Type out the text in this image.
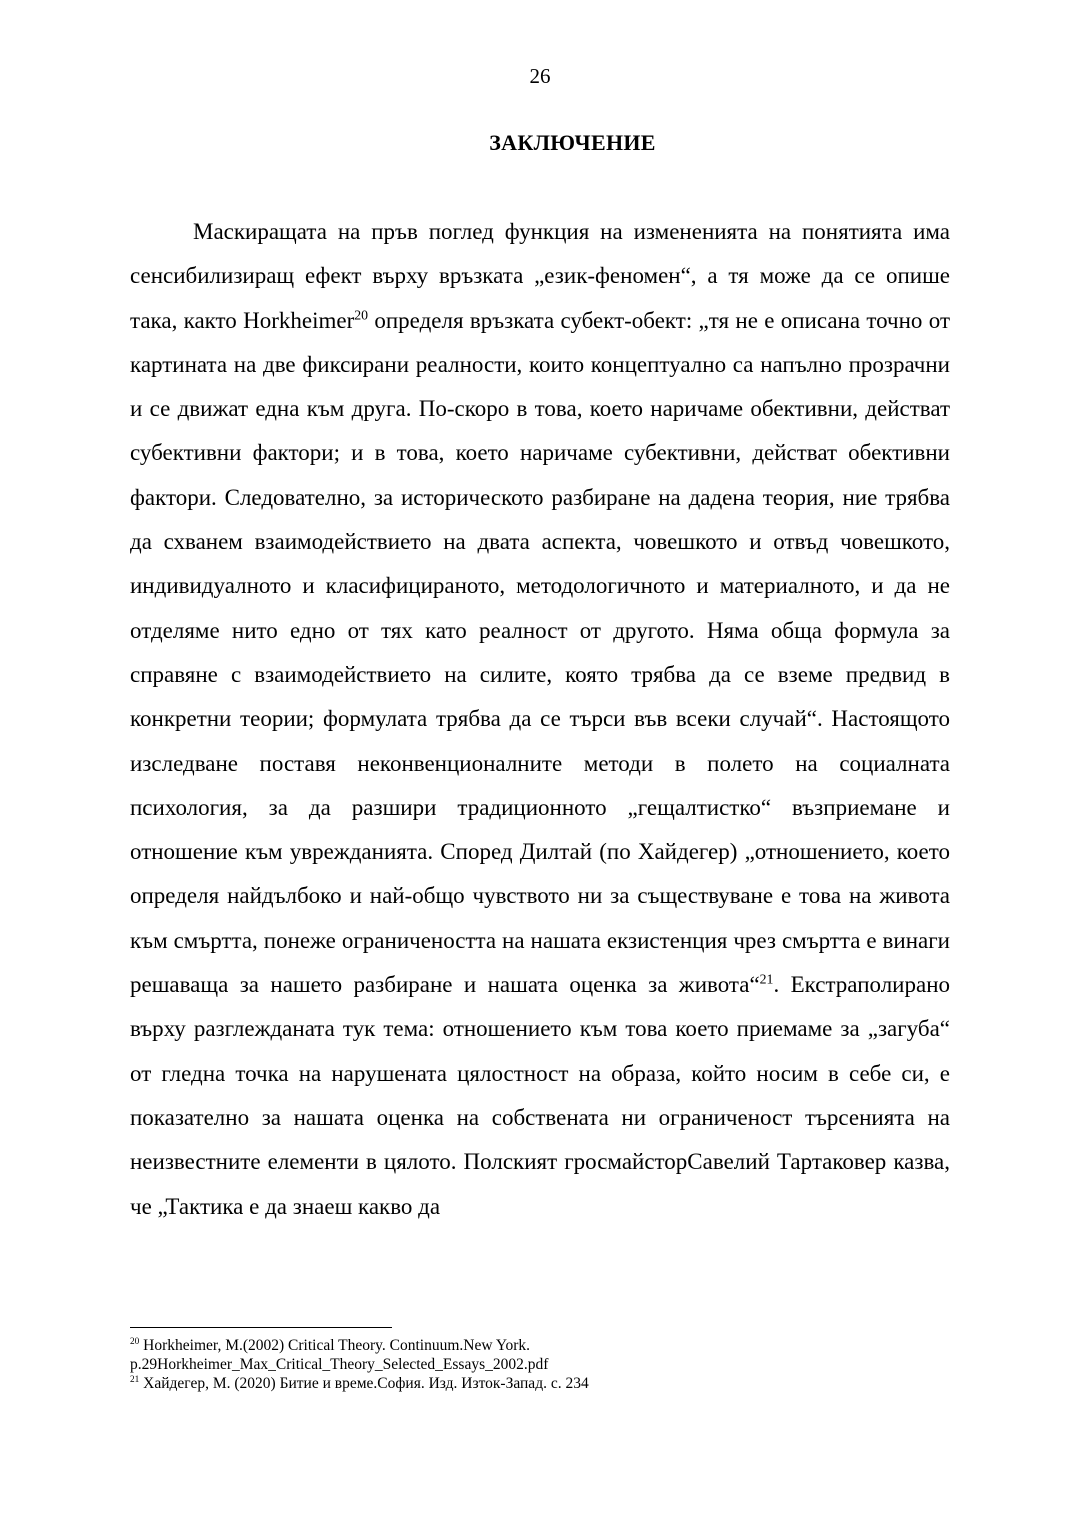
26
ЗАКЛЮЧЕНИЕ

Маскиращата на пръв поглед функция на измененията на понятията има сенсибилизиращ ефект върху връзката „език-феномен“, а тя може да се опише така, както Horkheimer$^{20}$ определя връзката субект-обект: „тя не е описана точно от картината на две фиксирани реалности, които концептуално са напълно прозрачни и се движат една към друга. По-скоро в това, което наричаме обективни, действат субективни фактори; и в това, което наричаме субективни, действат обективни фактори. Следователно, за историческото разбиране на дадена теория, ние трябва да схванем взаимодействието на двата аспекта, човешкото и отвъд човешкото, индивидуалното и класифицираното, методологичното и материалното, и да не отделяме нито едно от тях като реалност от другото. Няма обща формула за справяне с взаимодействието на силите, която трябва да се вземе предвид в конкретни теории; формулата трябва да се търси във всеки случай“. Настоящото изследване поставя неконвенционалните методи в полето на социалната психология, за да разшири традиционното „гещалтистко“ възприемане и отношение към уврежданията. Според Дилтай (по Хайдегер) „отношението, което определя найдълбоко и най-общо чувството ни за съществуване е това на живота към смъртта, понеже ограничеността на нашата екзистенция чрез смъртта е винаги решаваща за нашето разбиране и нашата оценка за живота“$^{21}$. Екстраполирано върху разглежданата тук тема: отношението към това което приемаме за „загуба“ от гледна точка на нарушената цялостност на образа, който носим в себе си, е показателно за нашата оценка на собствената ни ограниченост търсенията на неизвестните елементи в цялото. Полският гросмайсторСавелий Тартаковер казва, че „Тактика е да знаеш какво да

$^{20}$ Horkheimer, M.(2002) Critical Theory. Continuum.New York.
p.29Horkheimer_Max_Critical_Theory_Selected_Essays_2002.pdf

$^{21}$ Хайдегер, М. (2020) Битие и време.София. Изд. Изток-Запад. с. 234
